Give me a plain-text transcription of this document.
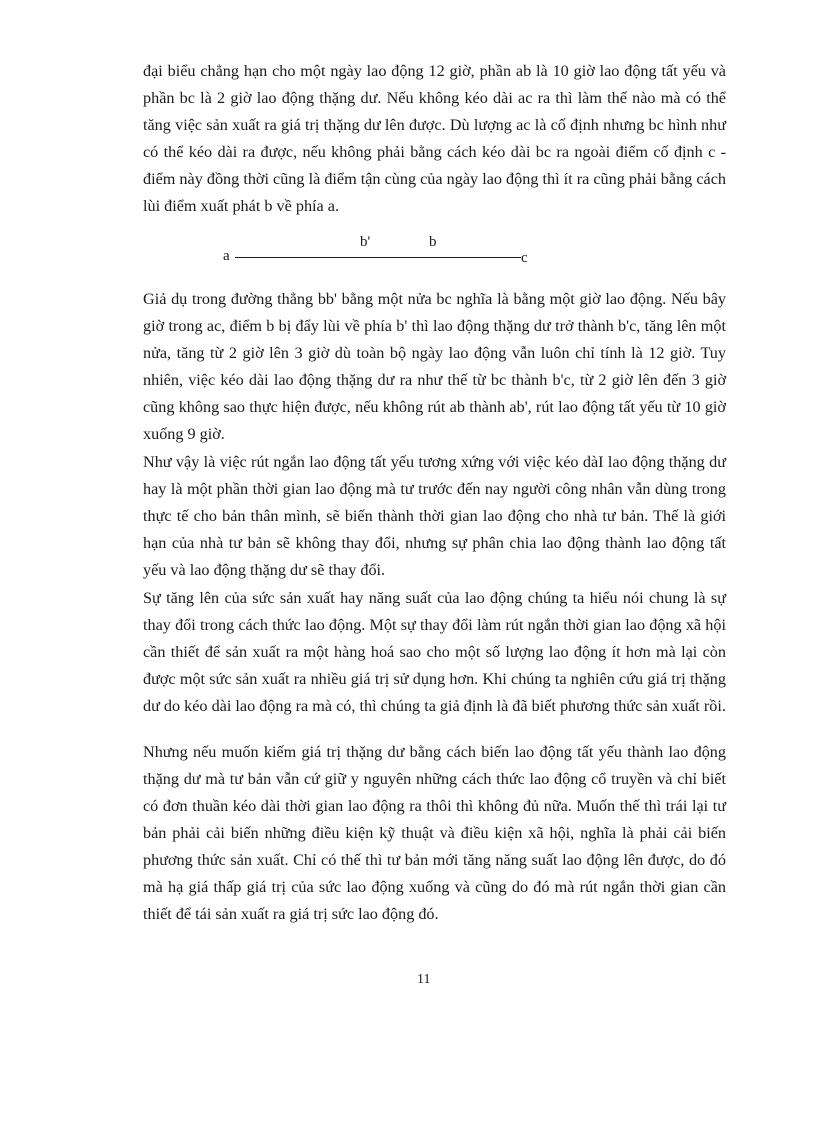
đại biểu chẳng hạn cho một ngày lao động 12 giờ, phần ab là 10 giờ lao động tất yếu và phần bc là 2 giờ lao động thặng dư. Nếu không kéo dài ac ra thì làm thế nào mà có thể tăng việc sản xuất ra giá trị thặng dư lên được. Dù lượng ac là cố định nhưng bc hình như có thể kéo dài ra được, nếu không phải bằng cách kéo dài bc ra ngoài điểm cố định c - điểm này đồng thời cũng là điểm tận cùng của ngày lao động thì ít ra cũng phải bằng cách lùi điểm xuất phát b về phía a.

a
b'	b
c

Giả dụ trong đường thẳng bb' bằng một nửa bc nghĩa là bằng một giờ lao động. Nếu bây giờ trong ac, điểm b bị đẩy lùi về phía b' thì lao động thặng dư trở thành b'c, tăng lên một nửa, tăng từ 2 giờ lên 3 giờ dù toàn bộ ngày lao động vẫn luôn chỉ tính là 12 giờ. Tuy nhiên, việc kéo dài lao động thặng dư ra như thế từ bc thành b'c, từ 2 giờ lên đến 3 giờ cũng không sao thực hiện được, nếu không rút ab thành ab', rút lao động tất yếu từ 10 giờ xuống 9 giờ.

Như vậy là việc rút ngắn lao động tất yếu tương xứng với việc kéo dàI lao động thặng dư hay là một phần thời gian lao động mà tư trước đến nay người công nhân vẫn dùng trong thực tế cho bản thân mình, sẽ biến thành thời gian lao động cho nhà tư bản. Thế là giới hạn của nhà tư bản sẽ không thay đổi, nhưng sự phân chia lao động thành lao động tất yếu và lao động thặng dư sẽ thay đổi.

Sự tăng lên của sức sản xuất hay năng suất của lao động chúng ta hiểu nói chung là sự thay đổi trong cách thức lao động. Một sự thay đổi làm rút ngắn thời gian lao động xã hội cần thiết để sản xuất ra một hàng hoá sao cho một số lượng lao động ít hơn mà lại còn được một sức sản xuất ra nhiều giá trị sử dụng hơn. Khi chúng ta nghiên cứu giá trị thặng dư do kéo dài lao động ra mà có, thì chúng ta giả định là đã biết phương thức sản xuất rồi.

Nhưng nếu muốn kiếm giá trị thặng dư bằng cách biến lao động tất yếu thành lao động thặng dư mà tư bản vẫn cứ giữ y nguyên những cách thức lao động cổ truyền và chỉ biết có đơn thuần kéo dài thời gian lao động ra thôi thì không đủ nữa. Muốn thế thì trái lại tư bản phải cải biến những điều kiện kỹ thuật và điều kiện xã hội, nghĩa là phải cải biến phương thức sản xuất. Chỉ có thế thì tư bản mới tăng năng suất lao động lên được, do đó mà hạ giá thấp giá trị của sức lao động xuống và cũng do đó mà rút ngắn thời gian cần thiết để tái sản xuất ra giá trị sức lao động đó.

11
